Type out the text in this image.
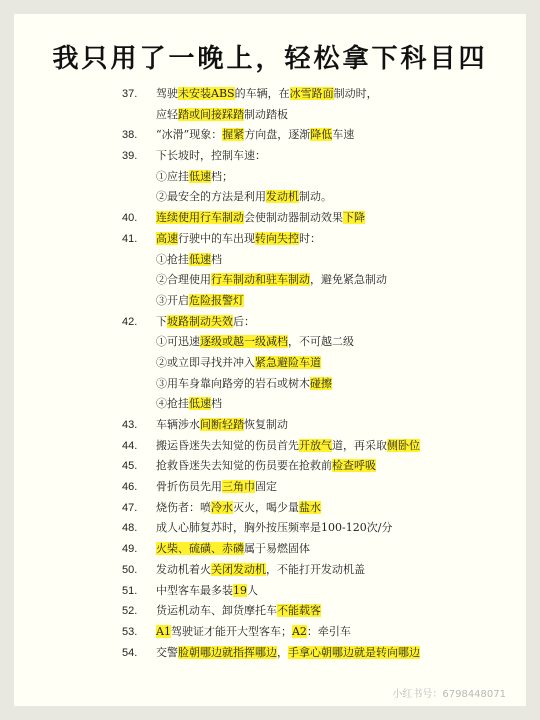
我只用了一晚上，轻松拿下科目四
37.	驾驶未安装ABS的车辆，在冰雪路面制动时，
应轻踏或间接踩踏制动踏板
38.	“冰滑”现象：握紧方向盘，逐渐降低车速
39.	下长坡时，控制车速：
①应挂低速档；
②最安全的方法是利用发动机制动。
40.	连续使用行车制动会使制动器制动效果下降
41.	高速行驶中的车出现转向失控时：
①抢挂低速档
②合理使用行车制动和驻车制动，避免紧急制动
③开启危险报警灯
42.	下坡路制动失效后：
①可迅速逐级或越一级减档，不可越二级
②或立即寻找并冲入紧急避险车道
③用车身靠向路旁的岩石或树木碰擦
④抢挂低速档
43.	车辆涉水间断轻踏恢复制动
44.	搬运昏迷失去知觉的伤员首先开放气道，再采取侧卧位
45.	抢救昏迷失去知觉的伤员要在抢救前检查呼吸
46.	骨折伤员先用三角巾固定
47.	烧伤者：喷冷水灭火，喝少量盐水
48.	成人心肺复苏时，胸外按压频率是100-120次/分
49.	火柴、硫磺、赤磷属于易燃固体
50.	发动机着火关闭发动机，不能打开发动机盖
51.	中型客车最多装19人
52.	货运机动车、卸货摩托车不能载客
53.	A1驾驶证才能开大型客车；A2：牵引车
54.	交警脸朝哪边就指挥哪边，手拿心朝哪边就是转向哪边
小红书号：6798448071
